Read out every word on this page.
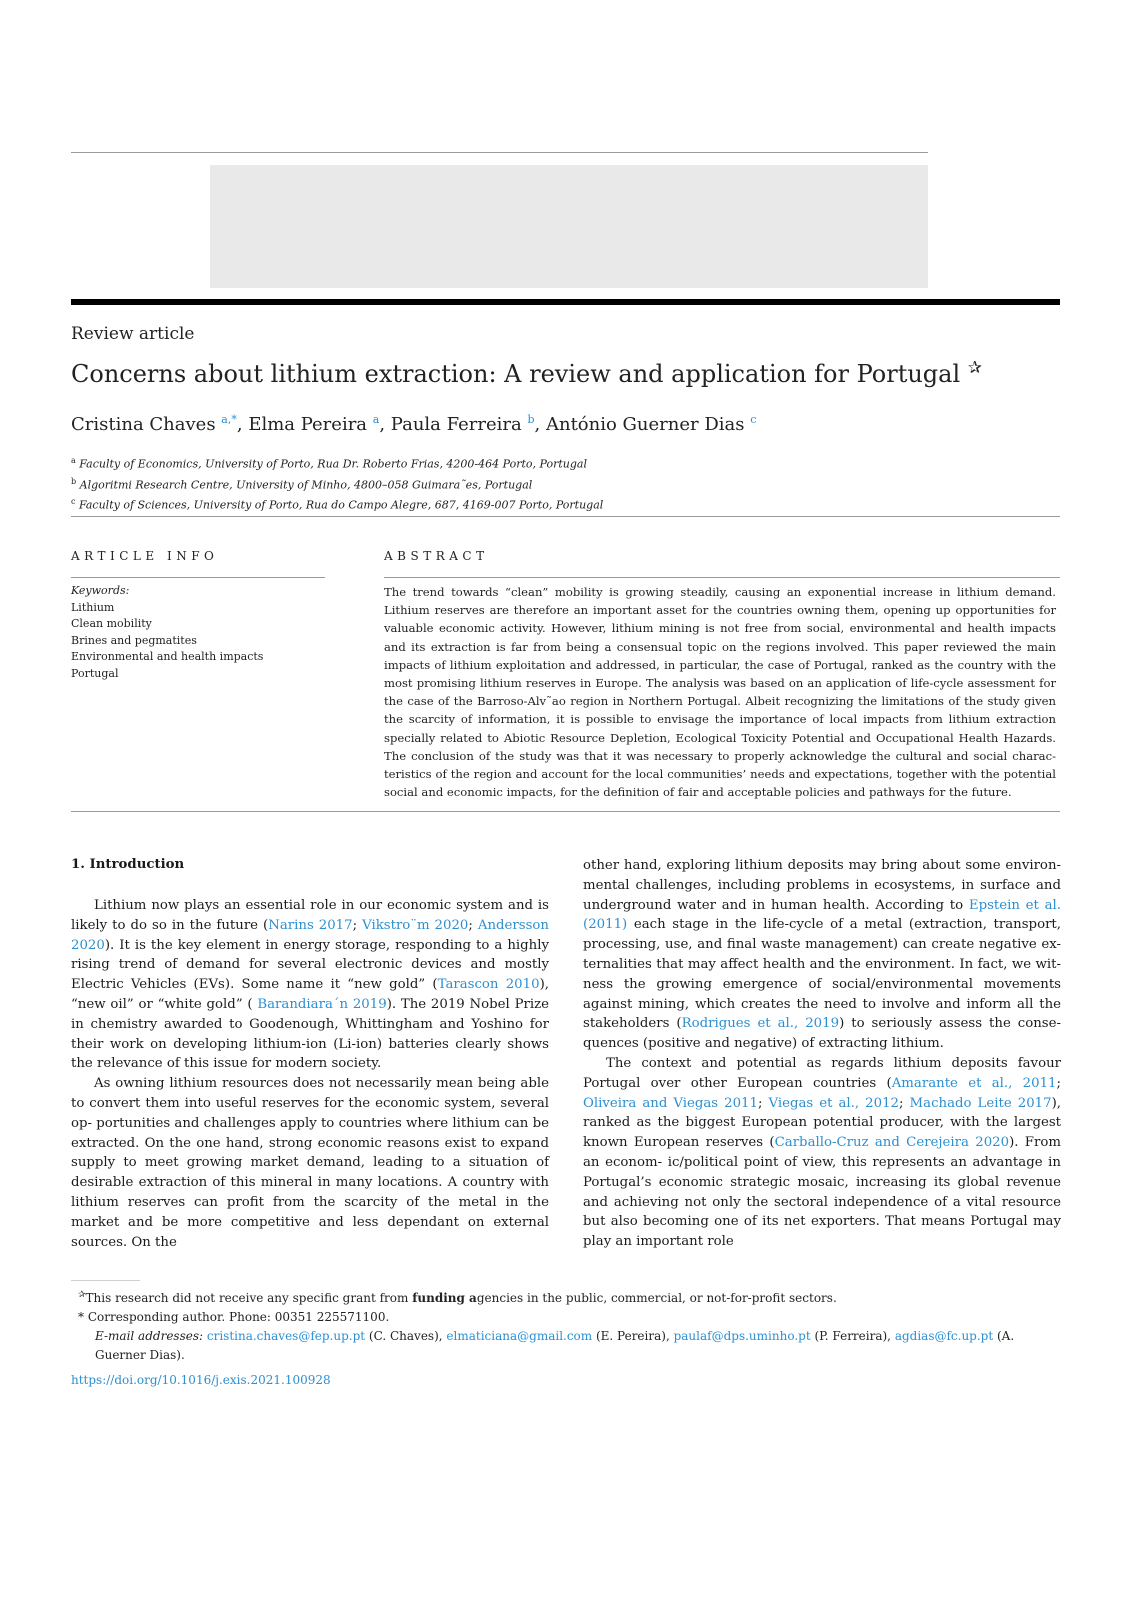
Review article
Concerns about lithium extraction: A review and application for Portugal ✰
Cristina Chaves $^{a,*}$, Elma Pereira $^a$, Paula Ferreira $^b$, António Guerner Dias $^c$
$^a$ Faculty of Economics, University of Porto, Rua Dr. Roberto Frias, 4200-464 Porto, Portugal
$^b$ Algoritmi Research Centre, University of Minho, 4800–058 Guimara˜es, Portugal
$^c$ Faculty of Sciences, University of Porto, Rua do Campo Alegre, 687, 4169-007 Porto, Portugal
ARTICLE INFO
Keywords:
Lithium
Clean mobility
Brines and pegmatites
Environmental and health impacts
Portugal
ABSTRACT
The trend towards “clean” mobility is growing steadily, causing an exponential increase in lithium demand. Lithium reserves are therefore an important asset for the countries owning them, opening up opportunities for valuable economic activity. However, lithium mining is not free from social, environmental and health impacts and its extraction is far from being a consensual topic on the regions involved. This paper reviewed the main impacts of lithium exploitation and addressed, in particular, the case of Portugal, ranked as the country with the most promising lithium reserves in Europe. The analysis was based on an application of life-cycle assessment for the case of the Barroso-Alv˜ao region in Northern Portugal. Albeit recognizing the limitations of the study given the scarcity of information, it is possible to envisage the importance of local impacts from lithium extraction specially related to Abiotic Resource Depletion, Ecological Toxicity Potential and Occupational Health Hazards. The conclusion of the study was that it was necessary to properly acknowledge the cultural and social charac- teristics of the region and account for the local communities’ needs and expectations, together with the potential social and economic impacts, for the definition of fair and acceptable policies and pathways for the future.
1. Introduction

Lithium now plays an essential role in our economic system and is likely to do so in the future (Narins 2017; Vikstro¨m 2020; Andersson 2020). It is the key element in energy storage, responding to a highly rising trend of demand for several electronic devices and mostly Electric Vehicles (EVs). Some name it “new gold” (Tarascon 2010), “new oil” or “white gold” ( Barandiara´n 2019). The 2019 Nobel Prize in chemistry awarded to Goodenough, Whittingham and Yoshino for their work on developing lithium-ion (Li-ion) batteries clearly shows the relevance of this issue for modern society.

As owning lithium resources does not necessarily mean being able to convert them into useful reserves for the economic system, several op- portunities and challenges apply to countries where lithium can be extracted. On the one hand, strong economic reasons exist to expand supply to meet growing market demand, leading to a situation of desirable extraction of this mineral in many locations. A country with lithium reserves can profit from the scarcity of the metal in the market and be more competitive and less dependant on external sources. On the

other hand, exploring lithium deposits may bring about some environ- mental challenges, including problems in ecosystems, in surface and underground water and in human health. According to Epstein et al. (2011) each stage in the life-cycle of a metal (extraction, transport, processing, use, and final waste management) can create negative ex- ternalities that may affect health and the environment. In fact, we wit- ness the growing emergence of social/environmental movements against mining, which creates the need to involve and inform all the stakeholders (Rodrigues et al., 2019) to seriously assess the conse- quences (positive and negative) of extracting lithium.

The context and potential as regards lithium deposits favour Portugal over other European countries (Amarante et al., 2011; Oliveira and Viegas 2011; Viegas et al., 2012; Machado Leite 2017), ranked as the biggest European potential producer, with the largest known European reserves (Carballo-Cruz and Cerejeira 2020). From an econom- ic/political point of view, this represents an advantage in Portugal’s economic strategic mosaic, increasing its global revenue and achieving not only the sectoral independence of a vital resource but also becoming one of its net exporters. That means Portugal may play an important role

✰This research did not receive any specific grant from funding agencies in the public, commercial, or not-for-profit sectors.
* Corresponding author. Phone: 00351 225571100.
E-mail addresses: cristina.chaves@fep.up.pt (C. Chaves), elmaticiana@gmail.com (E. Pereira), paulaf@dps.uminho.pt (P. Ferreira), agdias@fc.up.pt (A. Guerner Dias).
https://doi.org/10.1016/j.exis.2021.100928
